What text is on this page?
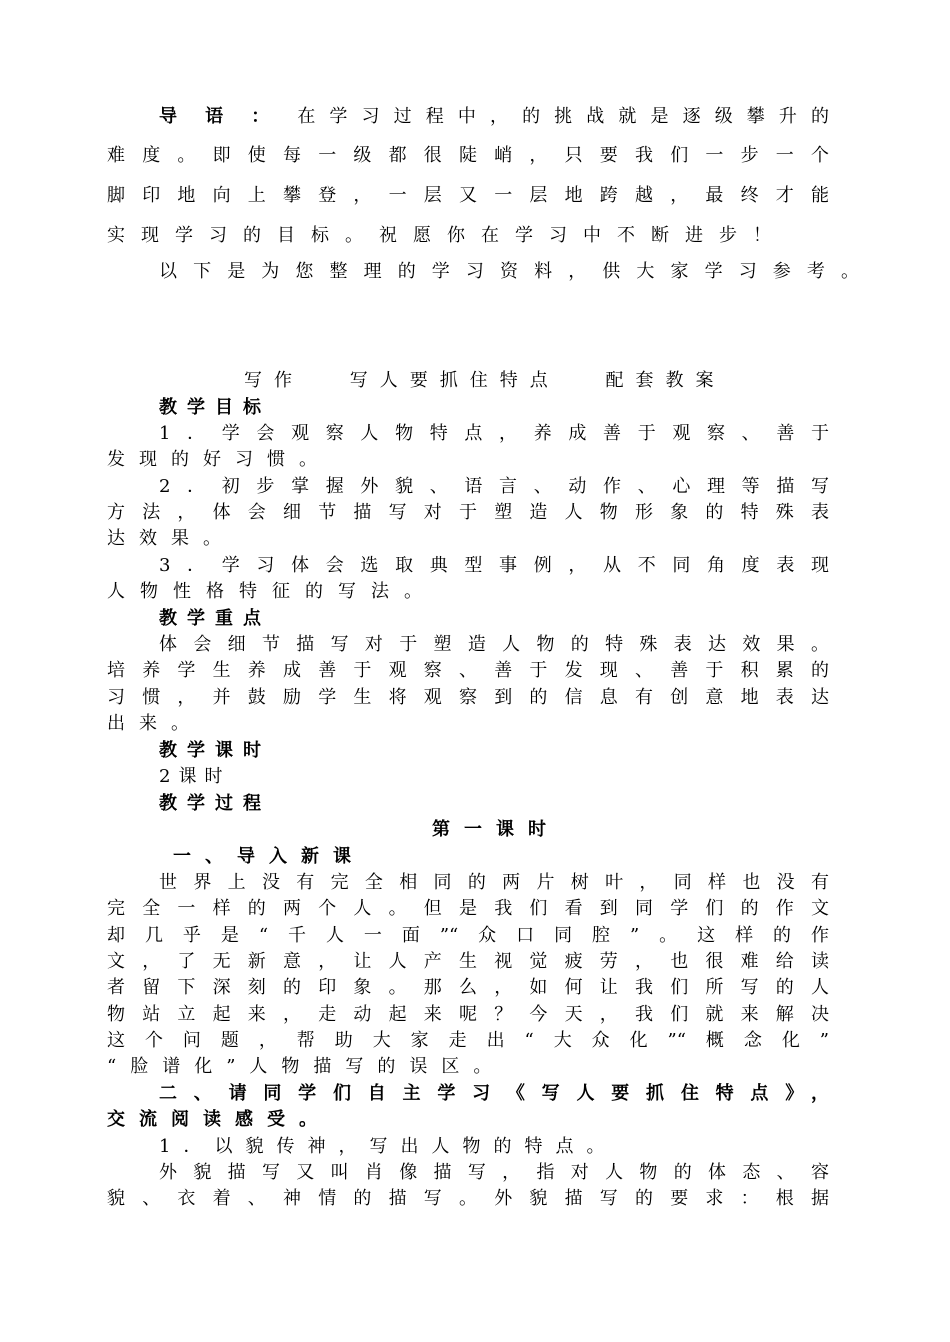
导语：在学习过程中，的挑战就是逐级攀升的
难度。即使每一级都很陡峭，只要我们一步一个
脚印地向上攀登，一层又一层地跨越，最终才能
实现学习的目标。祝愿你在学习中不断进步！
以下是为您整理的学习资料，供大家学习参考。
写作	写人要抓住特点	配套教案
教学目标
1．学会观察人物特点，养成善于观察、善于
发现的好习惯。
2．初步掌握外貌、语言、动作、心理等描写
方法，体会细节描写对于塑造人物形象的特殊表
达效果。
3．学习体会选取典型事例，从不同角度表现
人物性格特征的写法。
教学重点
体会细节描写对于塑造人物的特殊表达效果。
培养学生养成善于观察、善于发现、善于积累的
习惯，并鼓励学生将观察到的信息有创意地表达
出来。
教学课时
2课时
教学过程
第一课时
一、导入新课
世界上没有完全相同的两片树叶，同样也没有
完全一样的两个人。但是我们看到同学们的作文
却几乎是“千人一面”“众口同腔”。这样的作
文，了无新意，让人产生视觉疲劳，也很难给读
者留下深刻的印象。那么，如何让我们所写的人
物站立起来，走动起来呢？今天，我们就来解决
这个问题，帮助大家走出“大众化”“概念化”
“脸谱化”人物描写的误区。
二、请同学们自主学习《写人要抓住特点》，
交流阅读感受。
1．以貌传神，写出人物的特点。
外貌描写又叫肖像描写，指对人物的体态、容
貌、衣着、神情的描写。外貌描写的要求：根据
